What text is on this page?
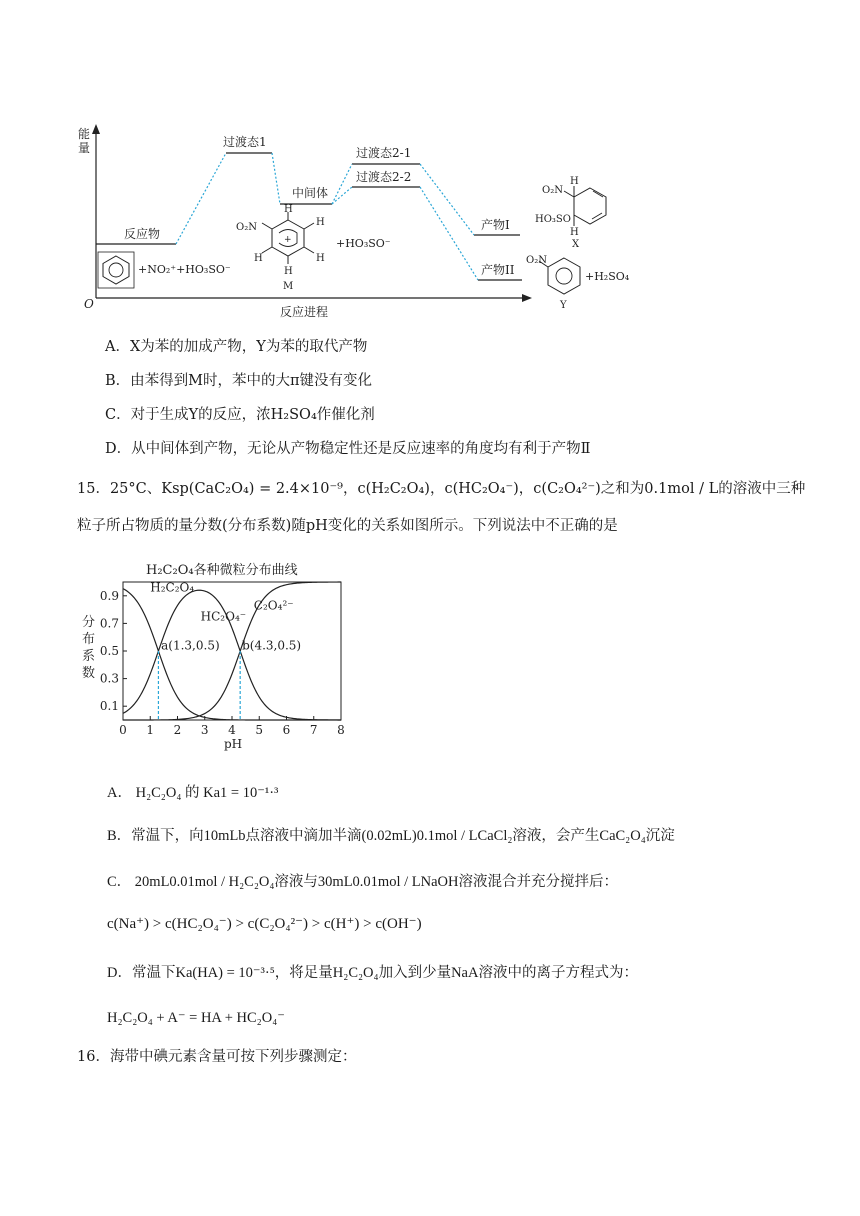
能
量
O
反应进程
反应物
过渡态1
中间体
过渡态2-1
过渡态2-2
产物I
产物II
+NO₂⁺+HO₃SO⁻
+
H
H
H
H
H
O₂N
M
+HO₃SO⁻
O₂N
H
HO₃SO
H
X
O₂N
+H₂SO₄
Y
A．X为苯的加成产物，Y为苯的取代产物
B．由苯得到M时，苯中的大π键没有变化
C．对于生成Y的反应，浓H₂SO₄作催化剂
D．从中间体到产物，无论从产物稳定性还是反应速率的角度均有利于产物Ⅱ
15．25°C、Ksp(CaC₂O₄) = 2.4×10⁻⁹，c(H₂C₂O₄)，c(HC₂O₄⁻)，c(C₂O₄²⁻)之和为0.1mol / L的溶液中三种
粒子所占物质的量分数(分布系数)随pH变化的关系如图所示。下列说法中不正确的是
H₂C₂O₄各种微粒分布曲线
分
布
系
数
0 1 2 3 4 5 6 7 8
0.1
0.3
0.5
0.7
0.9
H₂C₂O₄
HC₂O₄⁻
C₂O₄²⁻
a(1.3,0.5) b(4.3,0.5)
pH
A． H₂C₂O₄ 的 Ka1 = 10⁻¹·³
B．常温下，向10mLb点溶液中滴加半滴(0.02mL)0.1mol / LCaCl₂溶液，会产生CaC₂O₄沉淀
C． 20mL0.01mol / H₂C₂O₄溶液与30mL0.01mol / LNaOH溶液混合并充分搅拌后：
c(Na⁺) > c(HC₂O₄⁻) > c(C₂O₄²⁻) > c(H⁺) > c(OH⁻)
D．常温下Ka(HA) = 10⁻³·⁵，将足量H₂C₂O₄加入到少量NaA溶液中的离子方程式为：
H₂C₂O₄ + A⁻ = HA + HC₂O₄⁻
16．海带中碘元素含量可按下列步骤测定：
